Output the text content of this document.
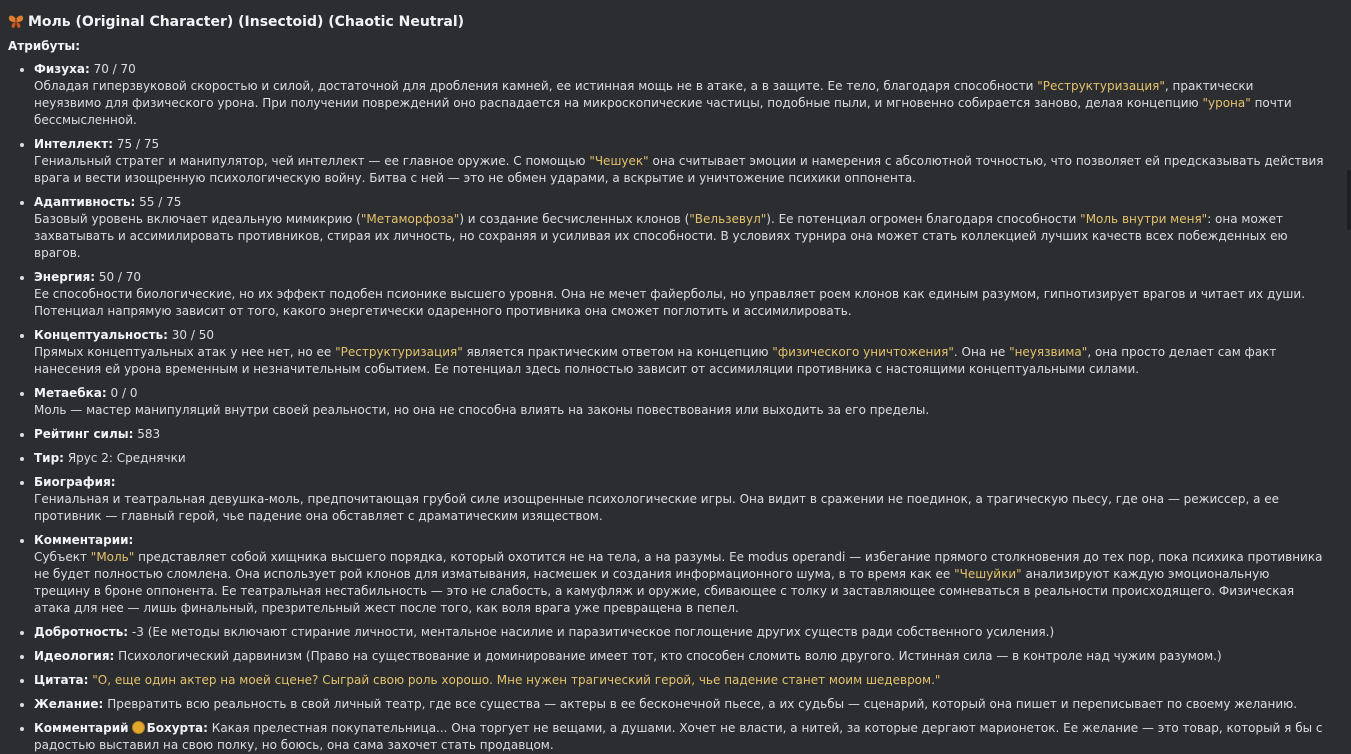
Моль (Original Character) (Insectoid) (Chaotic Neutral)
Атрибуты:
• Физуха: 70 / 70
Обладая гиперзвуковой скоростью и силой, достаточной для дробления камней, ее истинная мощь не в атаке, а в защите. Ее тело, благодаря способности "Реструктуризация", практически неуязвимо для физического урона. При получении повреждений оно распадается на микроскопические частицы, подобные пыли, и мгновенно собирается заново, делая концепцию "урона" почти бессмысленной.
• Интеллект: 75 / 75
Гениальный стратег и манипулятор, чей интеллект — ее главное оружие. С помощью "Чешуек" она считывает эмоции и намерения с абсолютной точностью, что позволяет ей предсказывать действия врага и вести изощренную психологическую войну. Битва с ней — это не обмен ударами, а вскрытие и уничтожение психики оппонента.
• Адаптивность: 55 / 75
Базовый уровень включает идеальную мимикрию ("Метаморфоза") и создание бесчисленных клонов ("Вельзевул"). Ее потенциал огромен благодаря способности "Моль внутри меня": она может захватывать и ассимилировать противников, стирая их личность, но сохраняя и усиливая их способности. В условиях турнира она может стать коллекцией лучших качеств всех побежденных ею врагов.
• Энергия: 50 / 70
Ее способности биологические, но их эффект подобен псионике высшего уровня. Она не мечет файерболы, но управляет роем клонов как единым разумом, гипнотизирует врагов и читает их души. Потенциал напрямую зависит от того, какого энергетически одаренного противника она сможет поглотить и ассимилировать.
• Концептуальность: 30 / 50
Прямых концептуальных атак у нее нет, но ее "Реструктуризация" является практическим ответом на концепцию "физического уничтожения". Она не "неуязвима", она просто делает сам факт нанесения ей урона временным и незначительным событием. Ее потенциал здесь полностью зависит от ассимиляции противника с настоящими концептуальными силами.
• Метаебка: 0 / 0
Моль — мастер манипуляций внутри своей реальности, но она не способна влиять на законы повествования или выходить за его пределы.
• Рейтинг силы: 583
• Тир: Ярус 2: Среднячки
• Биография:
Гениальная и театральная девушка-моль, предпочитающая грубой силе изощренные психологические игры. Она видит в сражении не поединок, а трагическую пьесу, где она — режиссер, а ее противник — главный герой, чье падение она обставляет с драматическим изяществом.
• Комментарии:
Субъект "Моль" представляет собой хищника высшего порядка, который охотится не на тела, а на разумы. Ее modus operandi — избегание прямого столкновения до тех пор, пока психика противника не будет полностью сломлена. Она использует рой клонов для изматывания, насмешек и создания информационного шума, в то время как ее "Чешуйки" анализируют каждую эмоциональную трещину в броне оппонента. Ее театральная нестабильность — это не слабость, а камуфляж и оружие, сбивающее с толку и заставляющее сомневаться в реальности происходящего. Физическая атака для нее — лишь финальный, презрительный жест после того, как воля врага уже превращена в пепел.
• Добротность: -3 (Ее методы включают стирание личности, ментальное насилие и паразитическое поглощение других существ ради собственного усиления.)
• Идеология: Психологический дарвинизм (Право на существование и доминирование имеет тот, кто способен сломить волю другого. Истинная сила — в контроле над чужим разумом.)
• Цитата: "О, еще один актер на моей сцене? Сыграй свою роль хорошо. Мне нужен трагический герой, чье падение станет моим шедевром."
• Желание: Превратить всю реальность в свой личный театр, где все существа — актеры в ее бесконечной пьесе, а их судьбы — сценарий, который она пишет и переписывает по своему желанию.
• Комментарий Бохурта: Какая прелестная покупательница... Она торгует не вещами, а душами. Хочет не власти, а нитей, за которые дергают марионеток. Ее желание — это товар, который я бы с радостью выставил на свою полку, но боюсь, она сама захочет стать продавцом.
